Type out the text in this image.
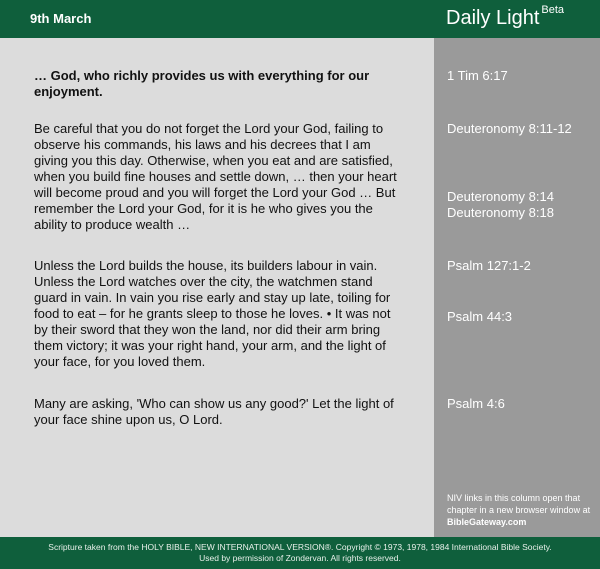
9th March	Daily Light $^{Beta}$
… God, who richly provides us with everything for our enjoyment.
Be careful that you do not forget the Lord your God, failing to observe his commands, his laws and his decrees that I am giving you this day. Otherwise, when you eat and are satisfied, when you build fine houses and settle down, … then your heart will become proud and you will forget the Lord your God … But remember the Lord your God, for it is he who gives you the ability to produce wealth …
Unless the Lord builds the house, its builders labour in vain. Unless the Lord watches over the city, the watchmen stand guard in vain. In vain you rise early and stay up late, toiling for food to eat – for he grants sleep to those he loves. • It was not by their sword that they won the land, nor did their arm bring them victory; it was your right hand, your arm, and the light of your face, for you loved them.
Many are asking, 'Who can show us any good?' Let the light of your face shine upon us, O Lord.
1 Tim 6:17
Deuteronomy 8:11-12
Deuteronomy 8:14
Deuteronomy 8:18
Psalm 127:1-2
Psalm 44:3
Psalm 4:6
NIV links in this column open that chapter in a new browser window at BibleGateway.com
Scripture taken from the HOLY BIBLE, NEW INTERNATIONAL VERSION®. Copyright © 1973, 1978, 1984 International Bible Society.
Used by permission of Zondervan. All rights reserved.
